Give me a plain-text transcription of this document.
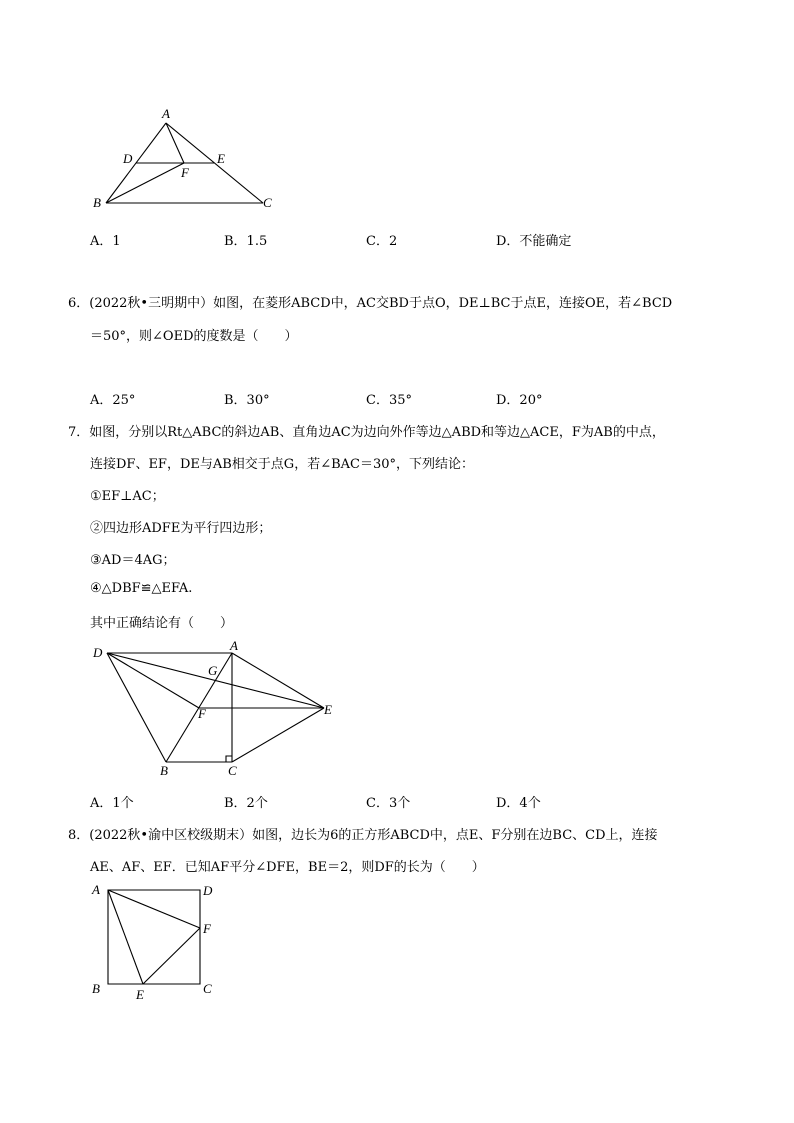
A
D	E
F
B	C
A．1	B．1.5	C．2	D．不能确定
6．(2022秋•三明期中）如图，在菱形ABCD中，AC交BD于点O，DE⊥BC于点E，连接OE，若∠BCD
＝50°，则∠OED的度数是（　　）
A．25°	B．30°	C．35°	D．20°
7．如图，分别以Rt△ABC的斜边AB、直角边AC为边向外作等边△ABD和等边△ACE，F为AB的中点，
连接DF、EF，DE与AB相交于点G，若∠BAC＝30°，下列结论：
①EF⊥AC；
②四边形ADFE为平行四边形；
③AD＝4AG；
④△DBF≌△EFA.
其中正确结论有（　　）
D	A
G
E
F
B	C
A．1个	B．2个	C．3个	D．4个
8．(2022秋•渝中区校级期末）如图，边长为6的正方形ABCD中，点E、F分别在边BC、CD上，连接
AE、AF、EF．已知AF平分∠DFE，BE＝2，则DF的长为（　　）
A	D
F
B	E	C
